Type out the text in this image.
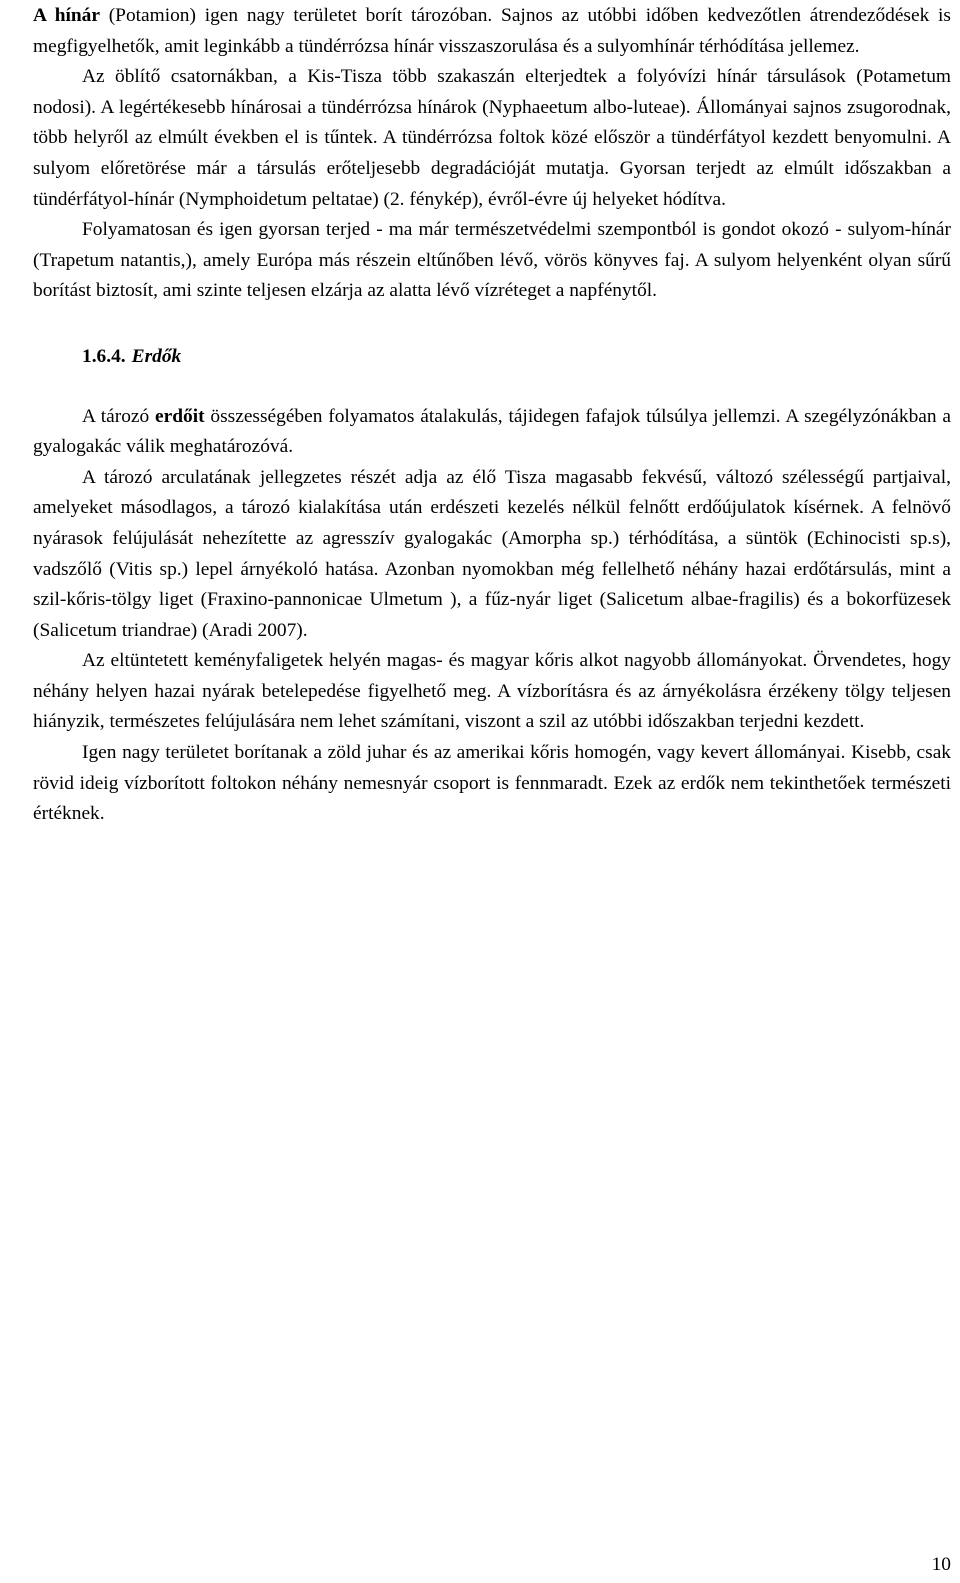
A hínár (Potamion) igen nagy területet borít tározóban. Sajnos az utóbbi időben kedvezőtlen átrendeződések is megfigyelhetők, amit leginkább a tündérrózsa hínár visszaszorulása és a sulyomhínár térhódítása jellemez.

Az öblítő csatornákban, a Kis-Tisza több szakaszán elterjedtek a folyóvízi hínár társulások (Potametum nodosi). A legértékesebb hínárosai a tündérrózsa hínárok (Nyphaeetum albo-luteae). Állományai sajnos zsugorodnak, több helyről az elmúlt években el is tűntek. A tündérrózsa foltok közé először a tündérfátyol kezdett benyomulni. A sulyom előretörése már a társulás erőteljesebb degradációját mutatja. Gyorsan terjedt az elmúlt időszakban a tündérfátyol-hínár (Nymphoidetum peltatae) (2. fénykép), évről-évre új helyeket hódítva.

Folyamatosan és igen gyorsan terjed - ma már természetvédelmi szempontból is gondot okozó - sulyom-hínár (Trapetum natantis,), amely Európa más részein eltűnőben lévő, vörös könyves faj. A sulyom helyenként olyan sűrű borítást biztosít, ami szinte teljesen elzárja az alatta lévő vízréteget a napfénytől.

1.6.4. Erdők

A tározó erdőit összességében folyamatos átalakulás, tájidegen fafajok túlsúlya jellemzi. A szegélyzónákban a gyalogakác válik meghatározóvá.

A tározó arculatának jellegzetes részét adja az élő Tisza magasabb fekvésű, változó szélességű partjaival, amelyeket másodlagos, a tározó kialakítása után erdészeti kezelés nélkül felnőtt erdőújulatok kísérnek. A felnövő nyárasok felújulását nehezítette az agresszív gyalogakác (Amorpha sp.) térhódítása, a süntök (Echinocisti sp.s), vadszőlő (Vitis sp.) lepel árnyékoló hatása. Azonban nyomokban még fellelhető néhány hazai erdőtársulás, mint a szil-kőris-tölgy liget (Fraxino-pannonicae Ulmetum ), a fűz-nyár liget (Salicetum albae-fragilis) és a bokorfüzesek (Salicetum triandrae) (Aradi 2007).

Az eltüntetett keményfaligetek helyén magas- és magyar kőris alkot nagyobb állományokat. Örvendetes, hogy néhány helyen hazai nyárak betelepedése figyelhető meg. A vízborításra és az árnyékolásra érzékeny tölgy teljesen hiányzik, természetes felújulására nem lehet számítani, viszont a szil az utóbbi időszakban terjedni kezdett.

Igen nagy területet borítanak a zöld juhar és az amerikai kőris homogén, vagy kevert állományai. Kisebb, csak rövid ideig vízborított foltokon néhány nemesnyár csoport is fennmaradt. Ezek az erdők nem tekinthetőek természeti értéknek.

10
